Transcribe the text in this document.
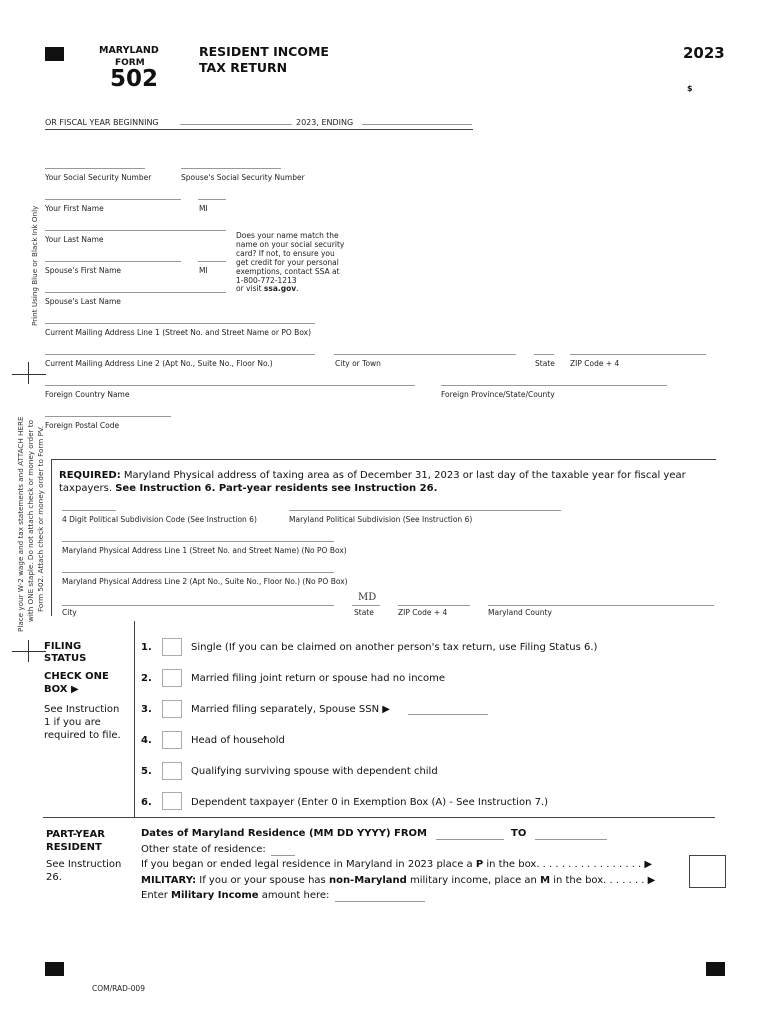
MARYLAND
FORM
502
RESIDENT INCOME
TAX RETURN
2023
$
OR FISCAL YEAR BEGINNING	2023, ENDING
Print Using Blue or Black Ink Only
Place your W-2 wage and tax statements and ATTACH HERE with ONE staple. Do not attach check or money order to Form 502. Attach check or money order to Form PV.
Your Social Security Number	Spouse's Social Security Number
Your First Name	MI
Your Last Name
Spouse's First Name	MI
Spouse's Last Name
Does your name match the
name on your social security
card? If not, to ensure you
get credit for your personal
exemptions, contact SSA at
1-800-772-1213
or visit ssa.gov.
Current Mailing Address Line 1 (Street No. and Street Name or PO Box)
Current Mailing Address Line 2 (Apt No., Suite No., Floor No.)	City or Town	State ZIP Code + 4
Foreign Country Name	Foreign Province/State/County
Foreign Postal Code
REQUIRED: Maryland Physical address of taxing area as of December 31, 2023 or last day of the taxable year for fiscal year
taxpayers. See Instruction 6. Part-year residents see Instruction 26.
4 Digit Political Subdivision Code (See Instruction 6)	Maryland Political Subdivision (See Instruction 6)
Maryland Physical Address Line 1 (Street No. and Street Name) (No PO Box)
Maryland Physical Address Line 2 (Apt No., Suite No., Floor No.) (No PO Box)
City
MD
State	ZIP Code + 4	Maryland County
FILING
STATUS
CHECK ONE
BOX ▶
See Instruction
1 if you are
required to file.
1.	Single (If you can be claimed on another person's tax return, use Filing Status 6.)
2.	Married filing joint return or spouse had no income
3.	Married filing separately, Spouse SSN ▶
4.	Head of household
5.	Qualifying surviving spouse with dependent child
6.	Dependent taxpayer (Enter 0 in Exemption Box (A) - See Instruction 7.)
PART-YEAR
RESIDENT
See Instruction
26.
Dates of Maryland Residence (MM DD YYYY) FROM	TO
Other state of residence:
If you began or ended legal residence in Maryland in 2023 place a P in the box. . . . . . . . . . . . . . . . . ▶
MILITARY: If you or your spouse has non-Maryland military income, place an M in the box. . . . . . . ▶
Enter Military Income amount here:
COM/RAD-009
